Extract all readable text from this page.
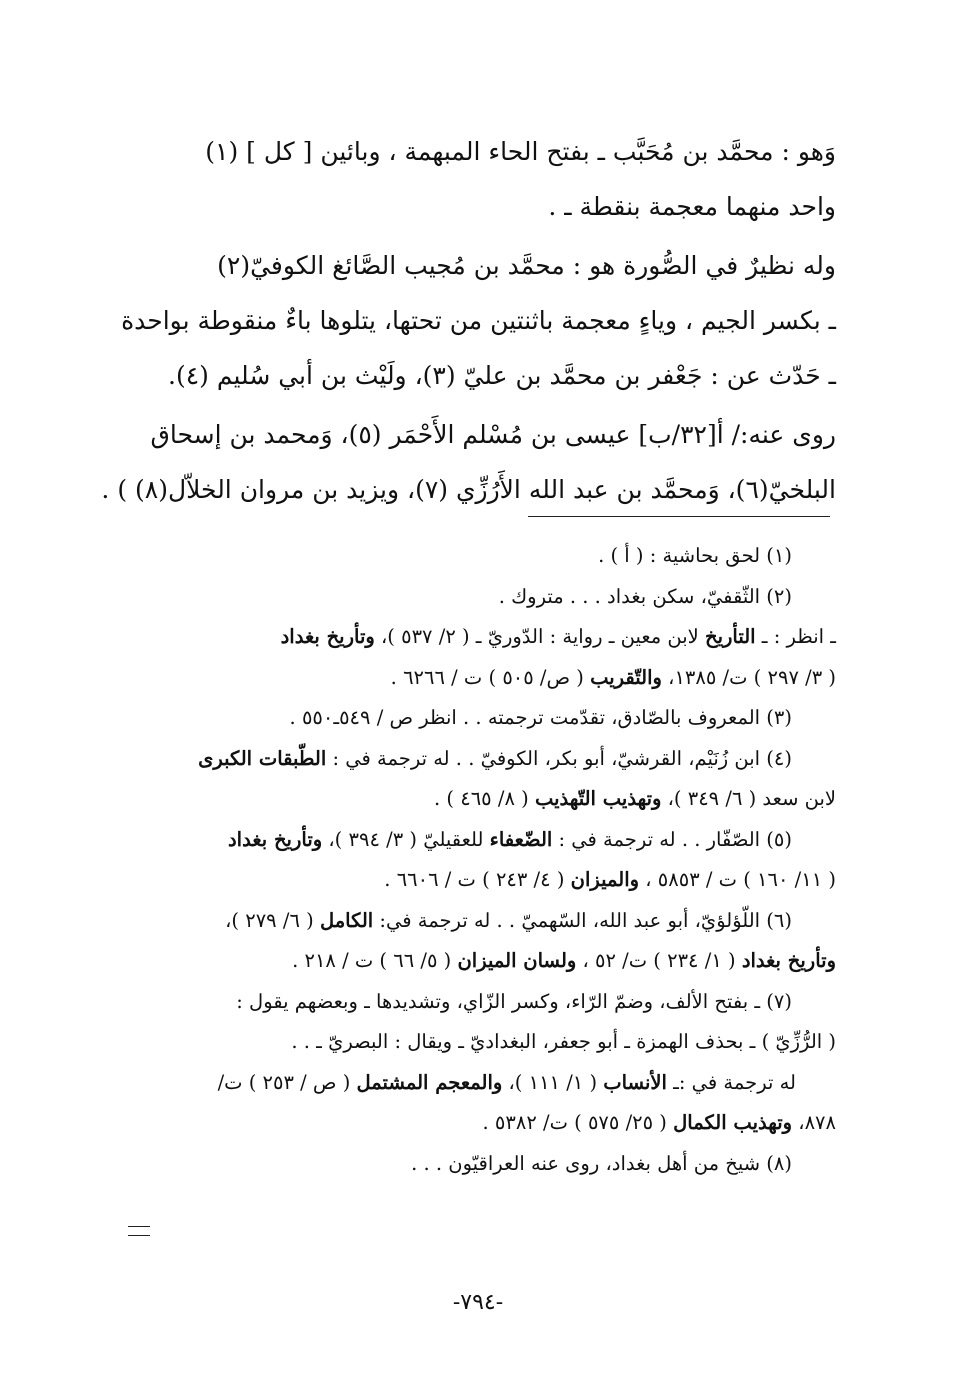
وَهو : محمَّد بن مُحَبَّب ـ بفتح الحاء المبهمة ، وبائين [ كل ] (١)
واحد منهما معجمة بنقطة ـ .

وله نظيرٌ في الصُّورة هو : محمَّد بن مُجيب الصَّائغ الكوفيّ(٢)
ـ بكسر الجيم ، وياءٍ معجمة باثنتين من تحتها، يتلوها باءٌ منقوطة بواحدة
ـ حَدّث عن : جَعْفر بن محمَّد بن عليّ (٣)، ولَيْث بن أبي سُليم (٤).

روى عنه:/ أ[٣٢/ب] عيسى بن مُسْلم الأَحْمَر (٥)، وَمحمد بن إسحاق
البلخيّ(٦)، وَمحمَّد بن عبد الله الأَرُزِّي (٧)، ويزيد بن مروان الخلاّل(٨) ) .

(١) لحق بحاشية : ( أ ) .
(٢) الثّقفيّ، سكن بغداد . . . متروك .
ـ انظر : ـ التأريخ لابن معين ـ رواية : الدّوريّ ـ ( ٢/ ٥٣٧ )، وتأريخ بغداد
( ٣/ ٢٩٧ ) ت/ ١٣٨٥، والتّقريب ( ص/ ٥٠٥ ) ت / ٦٢٦٦ .
(٣) المعروف بالصّادق، تقدّمت ترجمته . . انظر ص / ٥٤٩ـ٥٥٠ .
(٤) ابن زُنَيْم، القرشيّ، أبو بكر، الكوفيّ . . له ترجمة في : الطّبقات الكبرى
لابن سعد ( ٦/ ٣٤٩ )، وتهذيب التّهذيب ( ٨/ ٤٦٥ ) .
(٥) الصّفّار . . له ترجمة في : الضّعفاء للعقيليّ ( ٣/ ٣٩٤ )، وتأريخ بغداد
( ١١/ ١٦٠ ) ت / ٥٨٥٣ ، والميزان ( ٤/ ٢٤٣ ) ت / ٦٦٠٦ .
(٦) اللّؤلؤيّ، أبو عبد الله، السّهميّ . . له ترجمة في: الكامل ( ٦/ ٢٧٩ )،
وتأريخ بغداد ( ١/ ٢٣٤ ) ت/ ٥٢ ، ولسان الميزان ( ٥/ ٦٦ ) ت / ٢١٨ .
(٧) ـ بفتح الألف، وضمّ الرّاء، وكسر الزّاي، وتشديدها ـ وبعضهم يقول :
( الرُّزِّيّ ) ـ بحذف الهمزة ـ أبو جعفر، البغداديّ ـ ويقال : البصريّ ـ . .
له ترجمة في :ـ الأنساب ( ١/ ١١١ )، والمعجم المشتمل ( ص / ٢٥٣ ) ت/
٨٧٨، وتهذيب الكمال ( ٢٥/ ٥٧٥ ) ت/ ٥٣٨٢ .
(٨) شيخ من أهل بغداد، روى عنه العراقيّون . . .
-٧٩٤-
